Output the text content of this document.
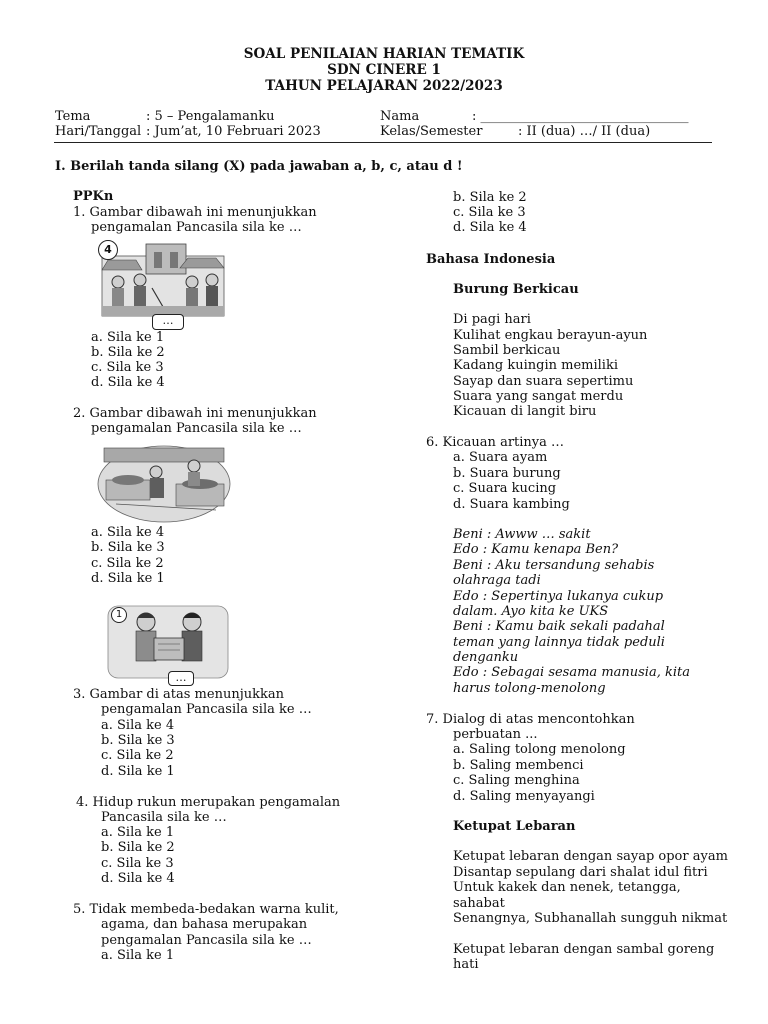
SOAL PENILAIAN HARIAN TEMATIK
SDN CINERE 1
TAHUN PELAJARAN 2022/2023
Tema	: 5 – Pengalamanku	Nama	: ________________________________
Hari/Tanggal : Jum’at, 10 Februari 2023	Kelas/Semester	: II (dua) …/ II (dua)
I. Berilah tanda silang (X) pada jawaban a, b, c, atau d !
PPKn
1. Gambar dibawah ini menunjukkan
pengamalan Pancasila sila ke …
4
…
a. Sila ke 1
b. Sila ke 2
c. Sila ke 3
d. Sila ke 4
2. Gambar dibawah ini menunjukkan
pengamalan Pancasila sila ke …
a. Sila ke 4
b. Sila ke 3
c. Sila ke 2
d. Sila ke 1
1
…
3. Gambar di atas menunjukkan
pengamalan Pancasila sila ke …
a. Sila ke 4
b. Sila ke 3
c. Sila ke 2
d. Sila ke 1
4. Hidup rukun merupakan pengamalan
Pancasila sila ke …
a. Sila ke 1
b. Sila ke 2
c. Sila ke 3
d. Sila ke 4
5. Tidak membeda-bedakan warna kulit,
agama, dan bahasa merupakan
pengamalan Pancasila sila ke …
a. Sila ke 1
b. Sila ke 2
c. Sila ke 3
d. Sila ke 4
Bahasa Indonesia
Burung Berkicau
Di pagi hari
Kulihat engkau berayun-ayun
Sambil berkicau
Kadang kuingin memiliki
Sayap dan suara sepertimu
Suara yang sangat merdu
Kicauan di langit biru
6. Kicauan artinya …
a. Suara ayam
b. Suara burung
c. Suara kucing
d. Suara kambing
Beni : Awww … sakit
Edo : Kamu kenapa Ben?
Beni : Aku tersandung sehabis
olahraga tadi
Edo : Sepertinya lukanya cukup
dalam. Ayo kita ke UKS
Beni : Kamu baik sekali padahal
teman yang lainnya tidak peduli
denganku
Edo : Sebagai sesama manusia, kita
harus tolong-menolong
7. Dialog di atas mencontohkan
perbuatan ...
a. Saling tolong menolong
b. Saling membenci
c. Saling menghina
d. Saling menyayangi
Ketupat Lebaran
Ketupat lebaran dengan sayap opor ayam
Disantap sepulang dari shalat idul fitri
Untuk kakek dan nenek, tetangga,
sahabat
Senangnya, Subhanallah sungguh nikmat
Ketupat lebaran dengan sambal goreng
hati
